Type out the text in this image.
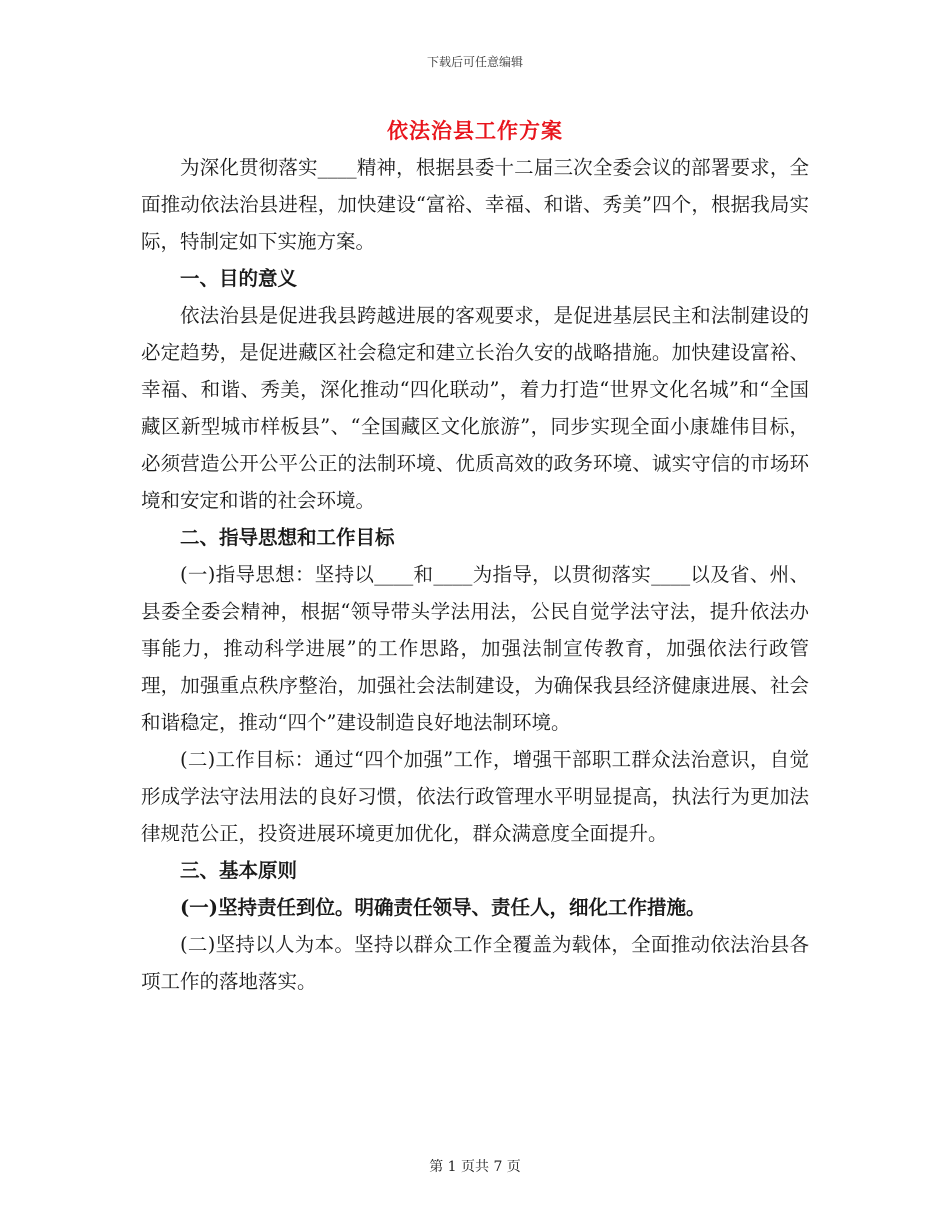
下载后可任意编辑
依法治县工作方案

为深化贯彻落实____精神，根据县委十二届三次全委会议的部署要求，全面推动依法治县进程，加快建设“富裕、幸福、和谐、秀美”四个，根据我局实际，特制定如下实施方案。

一、目的意义

依法治县是促进我县跨越进展的客观要求，是促进基层民主和法制建设的必定趋势，是促进藏区社会稳定和建立长治久安的战略措施。加快建设富裕、幸福、和谐、秀美，深化推动“四化联动”，着力打造“世界文化名城”和“全国藏区新型城市样板县”、“全国藏区文化旅游”，同步实现全面小康雄伟目标，必须营造公开公平公正的法制环境、优质高效的政务环境、诚实守信的市场环境和安定和谐的社会环境。

二、指导思想和工作目标

(一)指导思想：坚持以____和____为指导，以贯彻落实____以及省、州、县委全委会精神，根据“领导带头学法用法，公民自觉学法守法，提升依法办事能力，推动科学进展”的工作思路，加强法制宣传教育，加强依法行政管理，加强重点秩序整治，加强社会法制建设，为确保我县经济健康进展、社会和谐稳定，推动“四个”建设制造良好地法制环境。

(二)工作目标：通过“四个加强”工作，增强干部职工群众法治意识，自觉形成学法守法用法的良好习惯，依法行政管理水平明显提高，执法行为更加法律规范公正，投资进展环境更加优化，群众满意度全面提升。

三、基本原则

(一)坚持责任到位。明确责任领导、责任人，细化工作措施。

(二)坚持以人为本。坚持以群众工作全覆盖为载体，全面推动依法治县各项工作的落地落实。

第 1 页共 7 页
